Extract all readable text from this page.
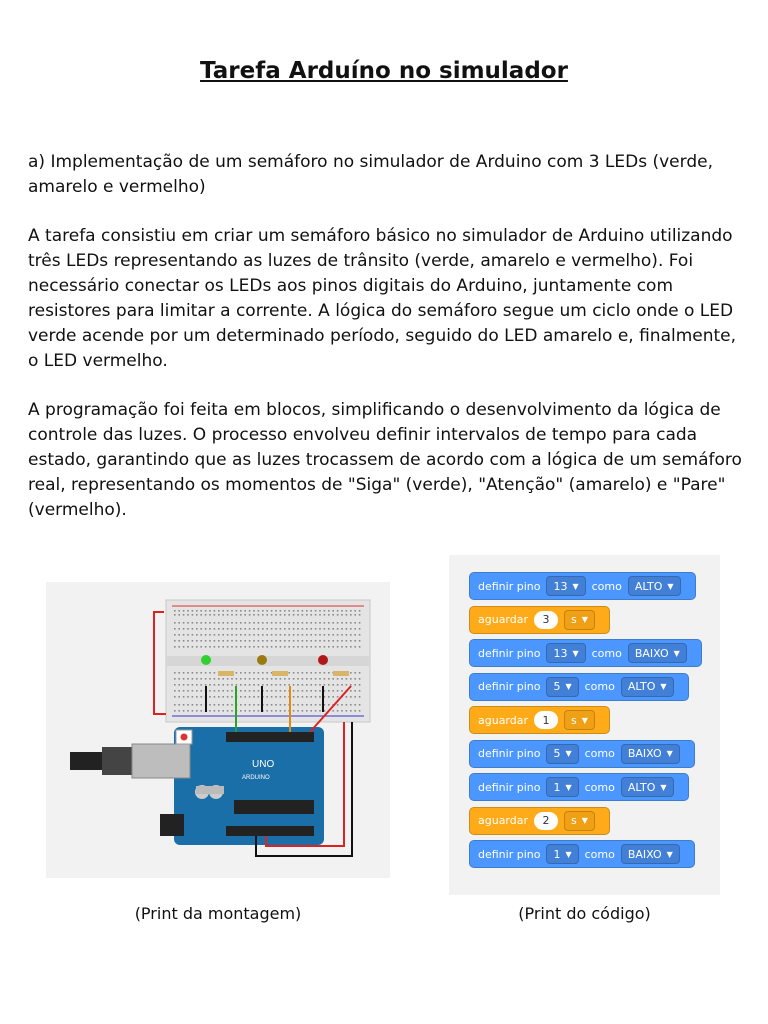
Tarefa Arduíno no simulador
a) Implementação de um semáforo no simulador de Arduino com 3 LEDs (verde, amarelo e vermelho)
A tarefa consistiu em criar um semáforo básico no simulador de Arduino utilizando três LEDs representando as luzes de trânsito (verde, amarelo e vermelho). Foi necessário conectar os LEDs aos pinos digitais do Arduino, juntamente com resistores para limitar a corrente. A lógica do semáforo segue um ciclo onde o LED verde acende por um determinado período, seguido do LED amarelo e, finalmente, o LED vermelho.
A programação foi feita em blocos, simplificando o desenvolvimento da lógica de controle das luzes. O processo envolveu definir intervalos de tempo para cada estado, garantindo que as luzes trocassem de acordo com a lógica de um semáforo real, representando os momentos de "Siga" (verde), "Atenção" (amarelo) e "Pare" (vermelho).
UNO
ARDUINO
definir pino 13 ▼ como ALTO ▼
aguardar	3	s ▼
definir pino 13 ▼ como BAIXO ▼
definir pino 5 ▼ como ALTO ▼
aguardar	1	s ▼
definir pino 5 ▼ como BAIXO ▼
definir pino 1 ▼ como ALTO ▼
aguardar	2	s ▼
definir pino 1 ▼ como BAIXO ▼
(Print da montagem)	(Print do código)
